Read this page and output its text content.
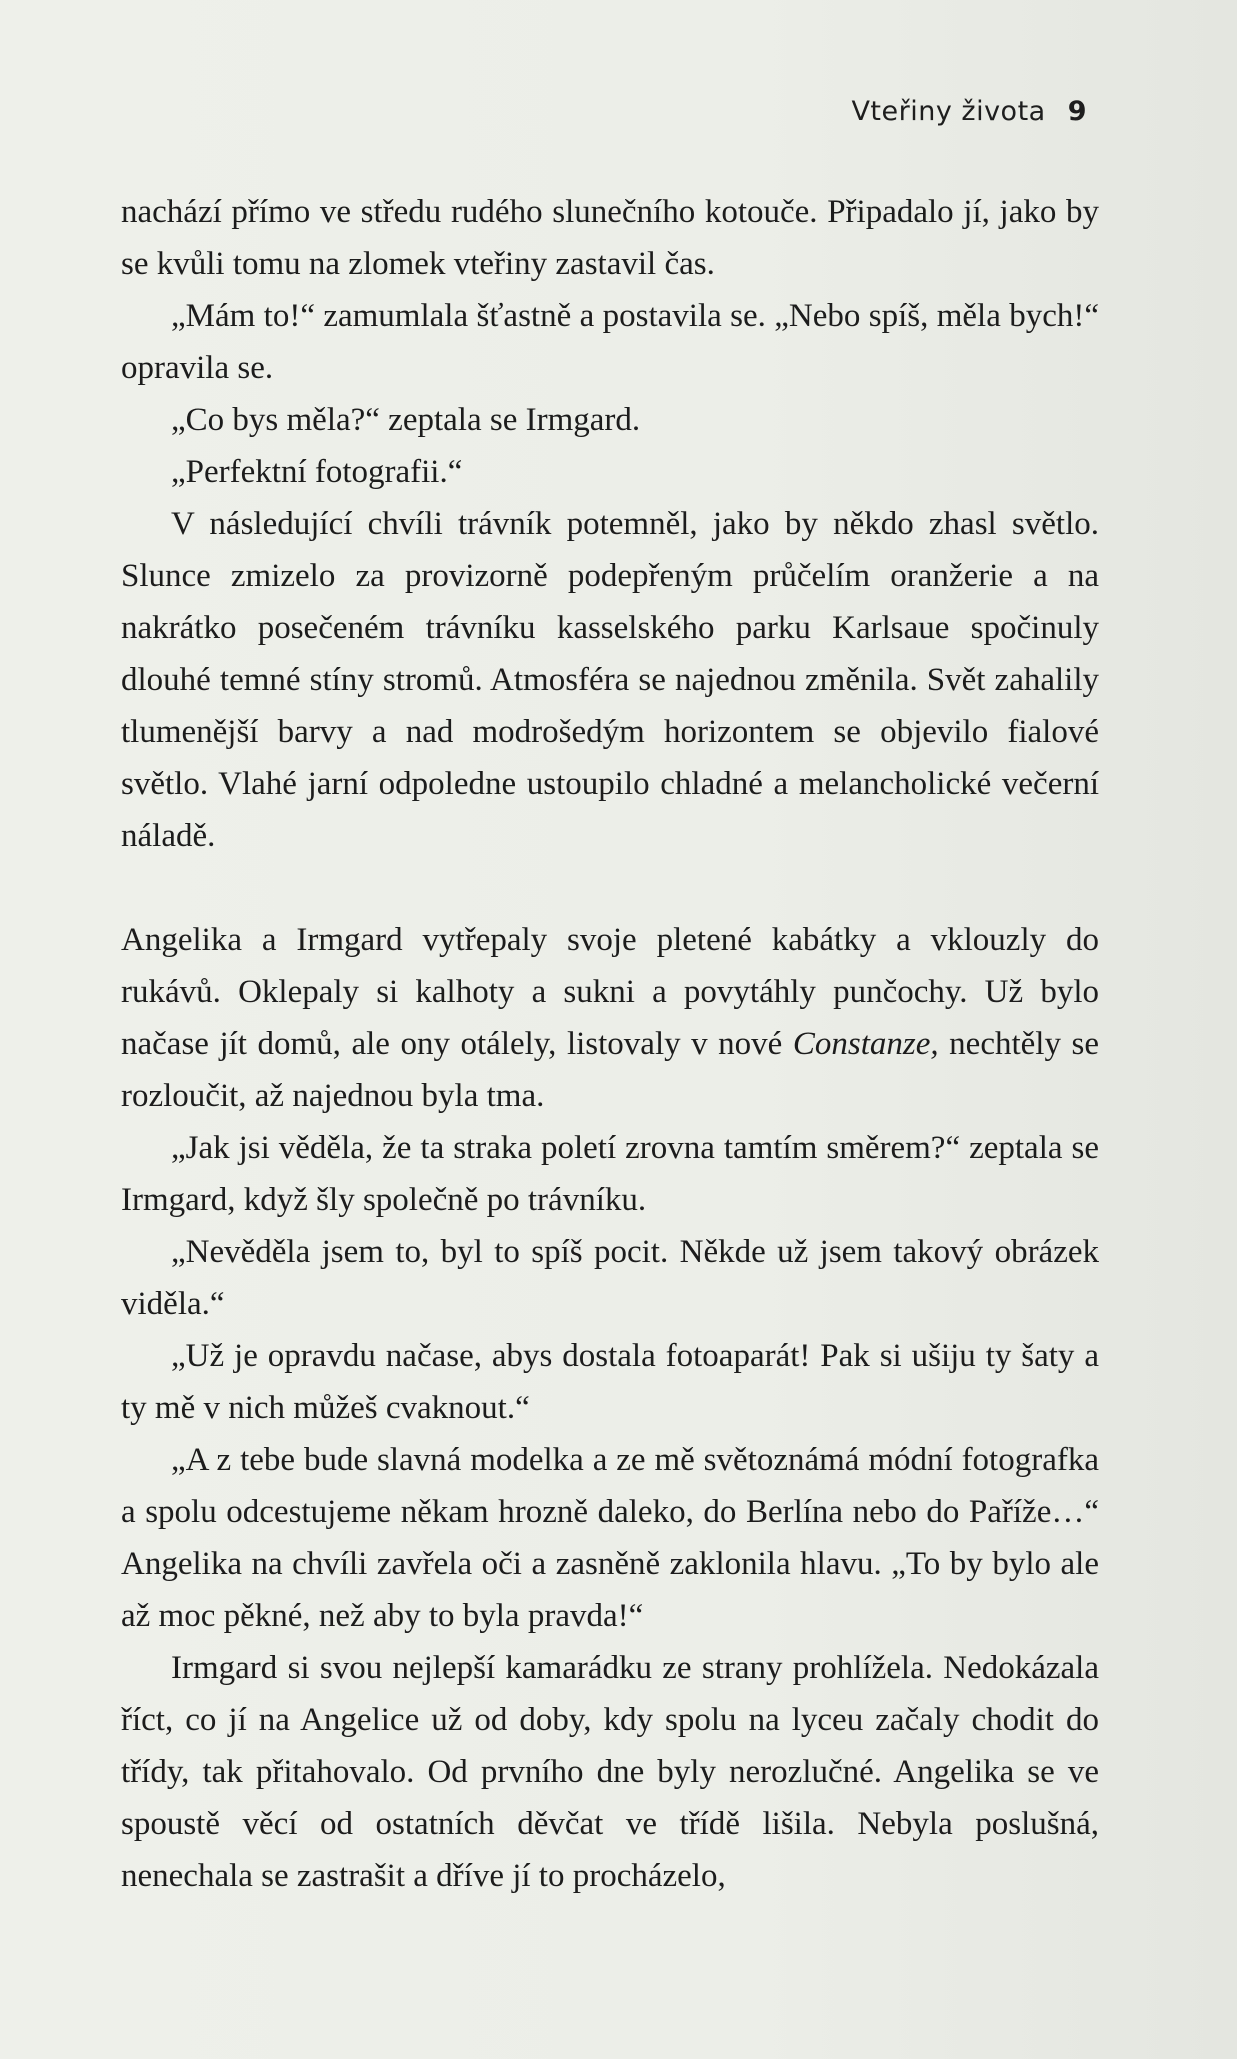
Vteřiny života 9

nachází přímo ve středu rudého slunečního kotouče. Připadalo jí, jako by se kvůli tomu na zlomek vteřiny zastavil čas.

„Mám to!“ zamumlala šťastně a postavila se. „Nebo spíš, měla bych!“ opravila se.

„Co bys měla?“ zeptala se Irmgard.

„Perfektní fotografii.“

V následující chvíli trávník potemněl, jako by někdo zhasl světlo. Slunce zmizelo za provizorně podepřeným průčelím oranžerie a na nakrátko posečeném trávníku kasselského parku Karlsaue spočinuly dlouhé temné stíny stromů. Atmosféra se najednou změnila. Svět zahalily tlumenější barvy a nad modrošedým horizontem se objevilo fialové světlo. Vlahé jarní odpoledne ustoupilo chladné a melancholické večerní náladě.

Angelika a Irmgard vytřepaly svoje pletené kabátky a vklouzly do rukávů. Oklepaly si kalhoty a sukni a povytáhly punčochy. Už bylo načase jít domů, ale ony otálely, listovaly v nové Constanze, nechtěly se rozloučit, až najednou byla tma.

„Jak jsi věděla, že ta straka poletí zrovna tamtím směrem?“ zeptala se Irmgard, když šly společně po trávníku.

„Nevěděla jsem to, byl to spíš pocit. Někde už jsem takový obrázek viděla.“

„Už je opravdu načase, abys dostala fotoaparát! Pak si ušiju ty šaty a ty mě v nich můžeš cvaknout.“

„A z tebe bude slavná modelka a ze mě světoznámá módní fotografka a spolu odcestujeme někam hrozně daleko, do Berlína nebo do Paříže…“ Angelika na chvíli zavřela oči a zasněně zaklonila hlavu. „To by bylo ale až moc pěkné, než aby to byla pravda!“

Irmgard si svou nejlepší kamarádku ze strany prohlížela. Nedokázala říct, co jí na Angelice už od doby, kdy spolu na lyceu začaly chodit do třídy, tak přitahovalo. Od prvního dne byly nerozlučné. Angelika se ve spoustě věcí od ostatních děvčat ve třídě lišila. Nebyla poslušná, nenechala se zastrašit a dříve jí to procházelo,
